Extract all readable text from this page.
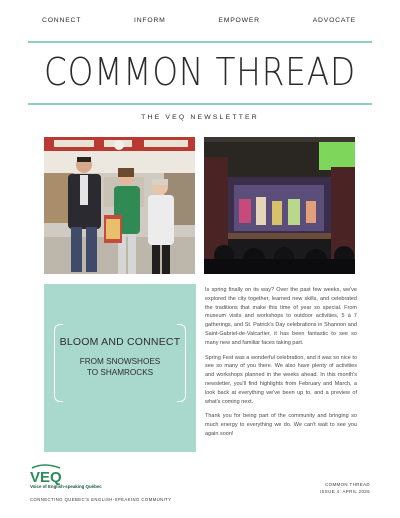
CONNECT	INFORM	EMPOWER	ADVOCATE
COMMON THREAD
THE VEQ NEWSLETTER
BLOOM AND CONNECT
FROM SNOWSHOES
TO SHAMROCKS

Is spring finally on its way? Over the past few weeks, we've explored the city together, learned new skills, and celebrated the traditions that make this time of year so special. From museum visits and workshops to outdoor activities, 5 à 7 gatherings, and St. Patrick's Day celebrations in Shannon and Saint-Gabriel-de-Valcartier, it has been fantastic to see so many new and familiar faces taking part.

Spring Fest was a wonderful celebration, and it was so nice to see so many of you there. We also have plenty of activities and workshops planned in the weeks ahead. In this month's newsletter, you'll find highlights from February and March, a look back at everything we've been up to, and a preview of what's coming next.

Thank you for being part of the community and bringing so much energy to everything we do. We can't wait to see you again soon!

VEQ
Voice of English-speaking Québec
CONNECTING QUEBEC'S ENGLISH-SPEAKING COMMUNITY
COMMON THREAD
ISSUE 4: APRIL 2026
